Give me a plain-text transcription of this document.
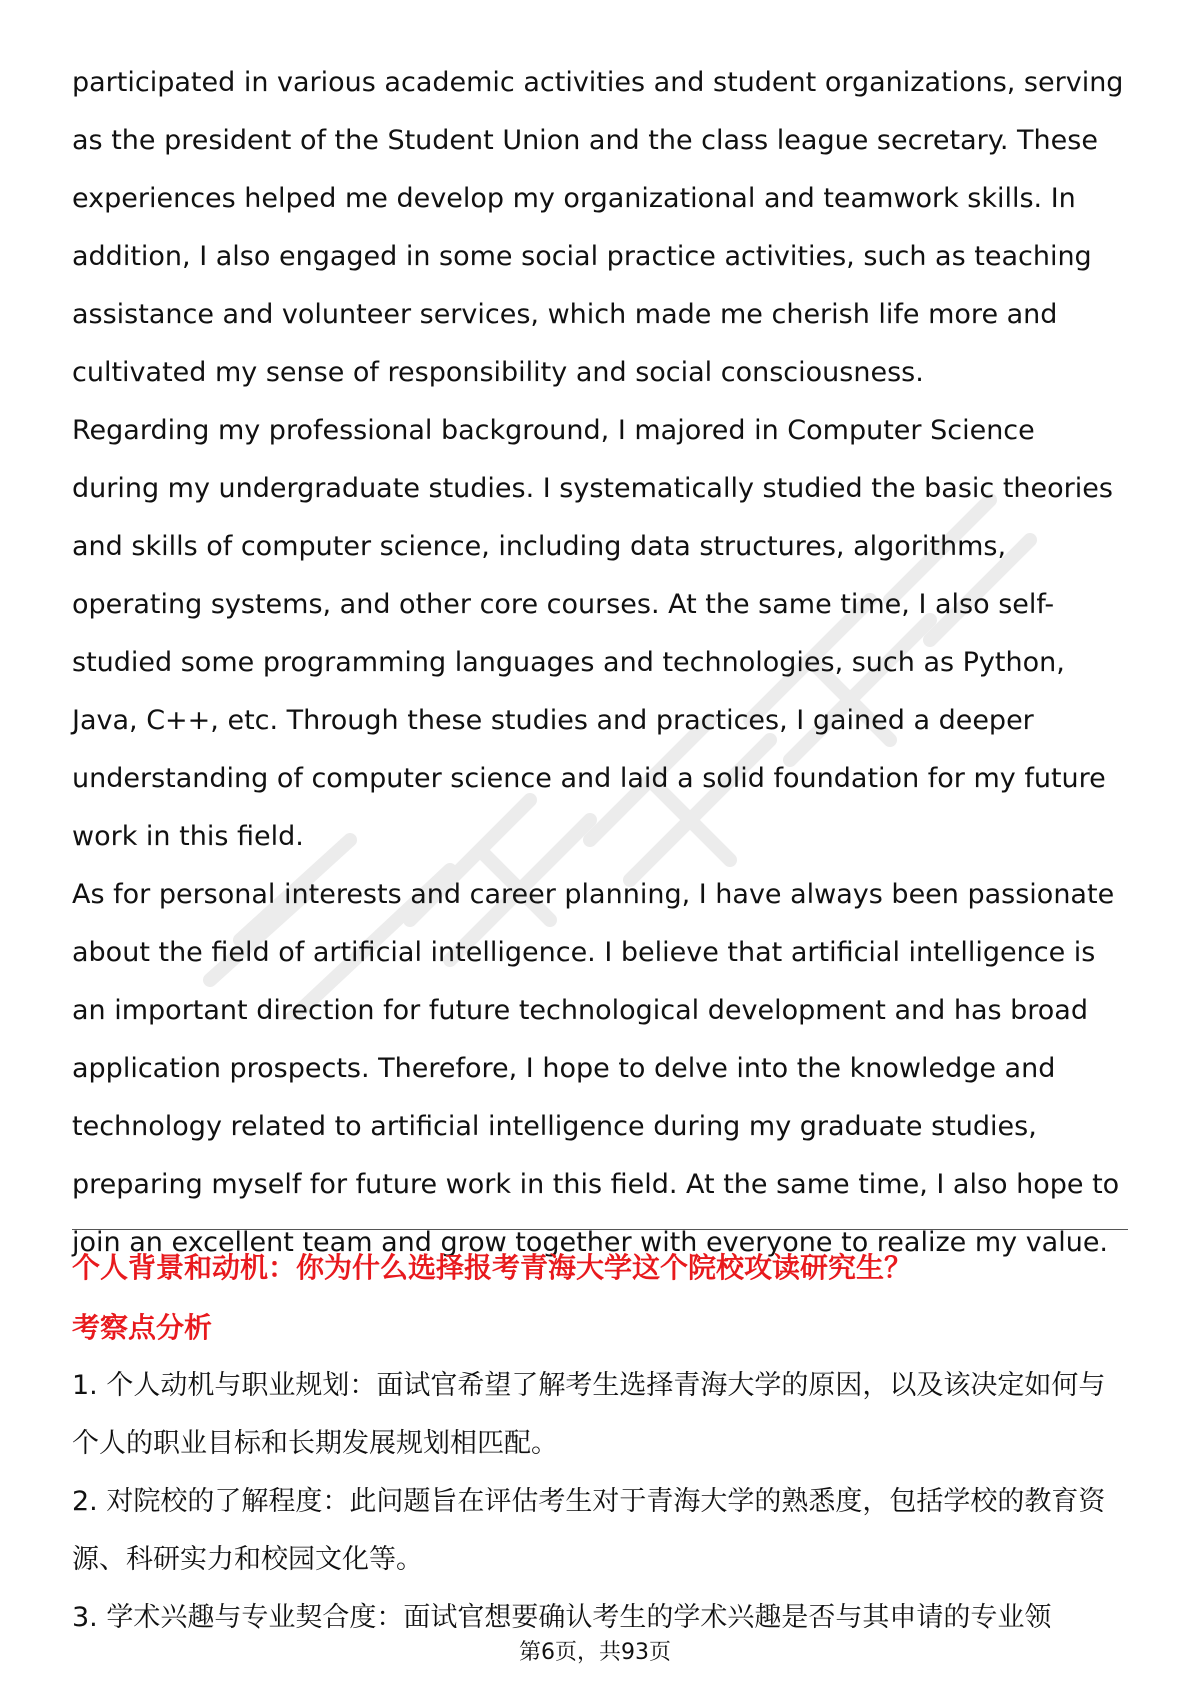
participated in various academic activities and student organizations, serving as the president of the Student Union and the class league secretary. These experiences helped me develop my organizational and teamwork skills. In addition, I also engaged in some social practice activities, such as teaching assistance and volunteer services, which made me cherish life more and cultivated my sense of responsibility and social consciousness.

Regarding my professional background, I majored in Computer Science during my undergraduate studies. I systematically studied the basic theories and skills of computer science, including data structures, algorithms, operating systems, and other core courses. At the same time, I also self-studied some programming languages and technologies, such as Python, Java, C++, etc. Through these studies and practices, I gained a deeper understanding of computer science and laid a solid foundation for my future work in this field.

As for personal interests and career planning, I have always been passionate about the field of artificial intelligence. I believe that artificial intelligence is an important direction for future technological development and has broad application prospects. Therefore, I hope to delve into the knowledge and technology related to artificial intelligence during my graduate studies, preparing myself for future work in this field. At the same time, I also hope to join an excellent team and grow together with everyone to realize my value.

个人背景和动机：你为什么选择报考青海大学这个院校攻读研究生？
考察点分析

1. 个人动机与职业规划：面试官希望了解考生选择青海大学的原因，以及该决定如何与个人的职业目标和长期发展规划相匹配。

2. 对院校的了解程度：此问题旨在评估考生对于青海大学的熟悉度，包括学校的教育资源、科研实力和校园文化等。

3. 学术兴趣与专业契合度：面试官想要确认考生的学术兴趣是否与其申请的专业领

第6页，共93页
